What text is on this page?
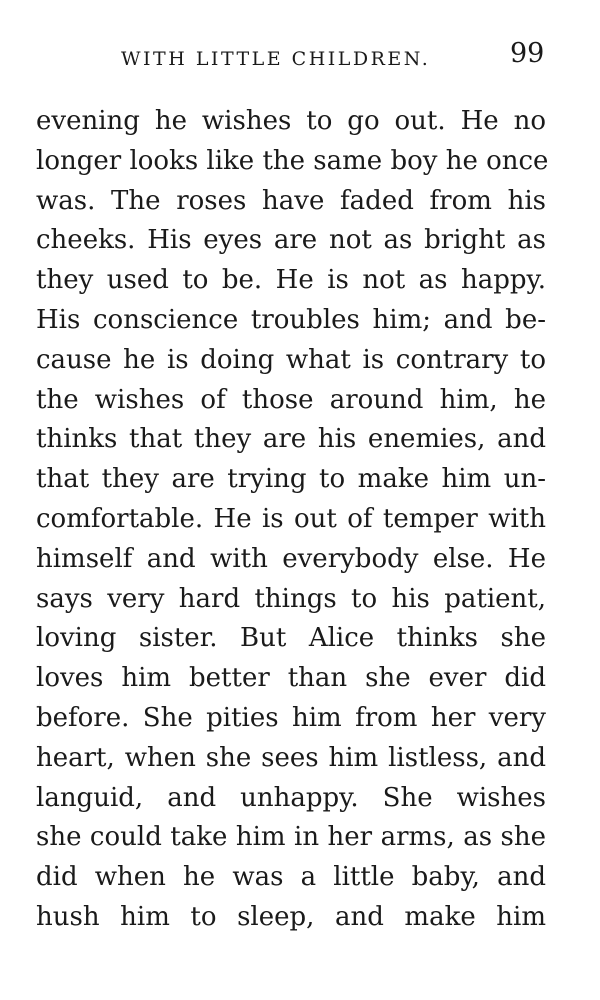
WITH LITTLE CHILDREN.	99
evening he wishes to go out. He no
longer looks like the same boy he once
was. The roses have faded from his
cheeks. His eyes are not as bright as
they used to be. He is not as happy.
His conscience troubles him; and be-
cause he is doing what is contrary to
the wishes of those around him, he
thinks that they are his enemies, and
that they are trying to make him un-
comfortable. He is out of temper with
himself and with everybody else. He
says very hard things to his patient,
loving sister. But Alice thinks she
loves him better than she ever did
before. She pities him from her very
heart, when she sees him listless, and
languid, and unhappy. She wishes
she could take him in her arms, as she
did when he was a little baby, and
hush him to sleep, and make him
